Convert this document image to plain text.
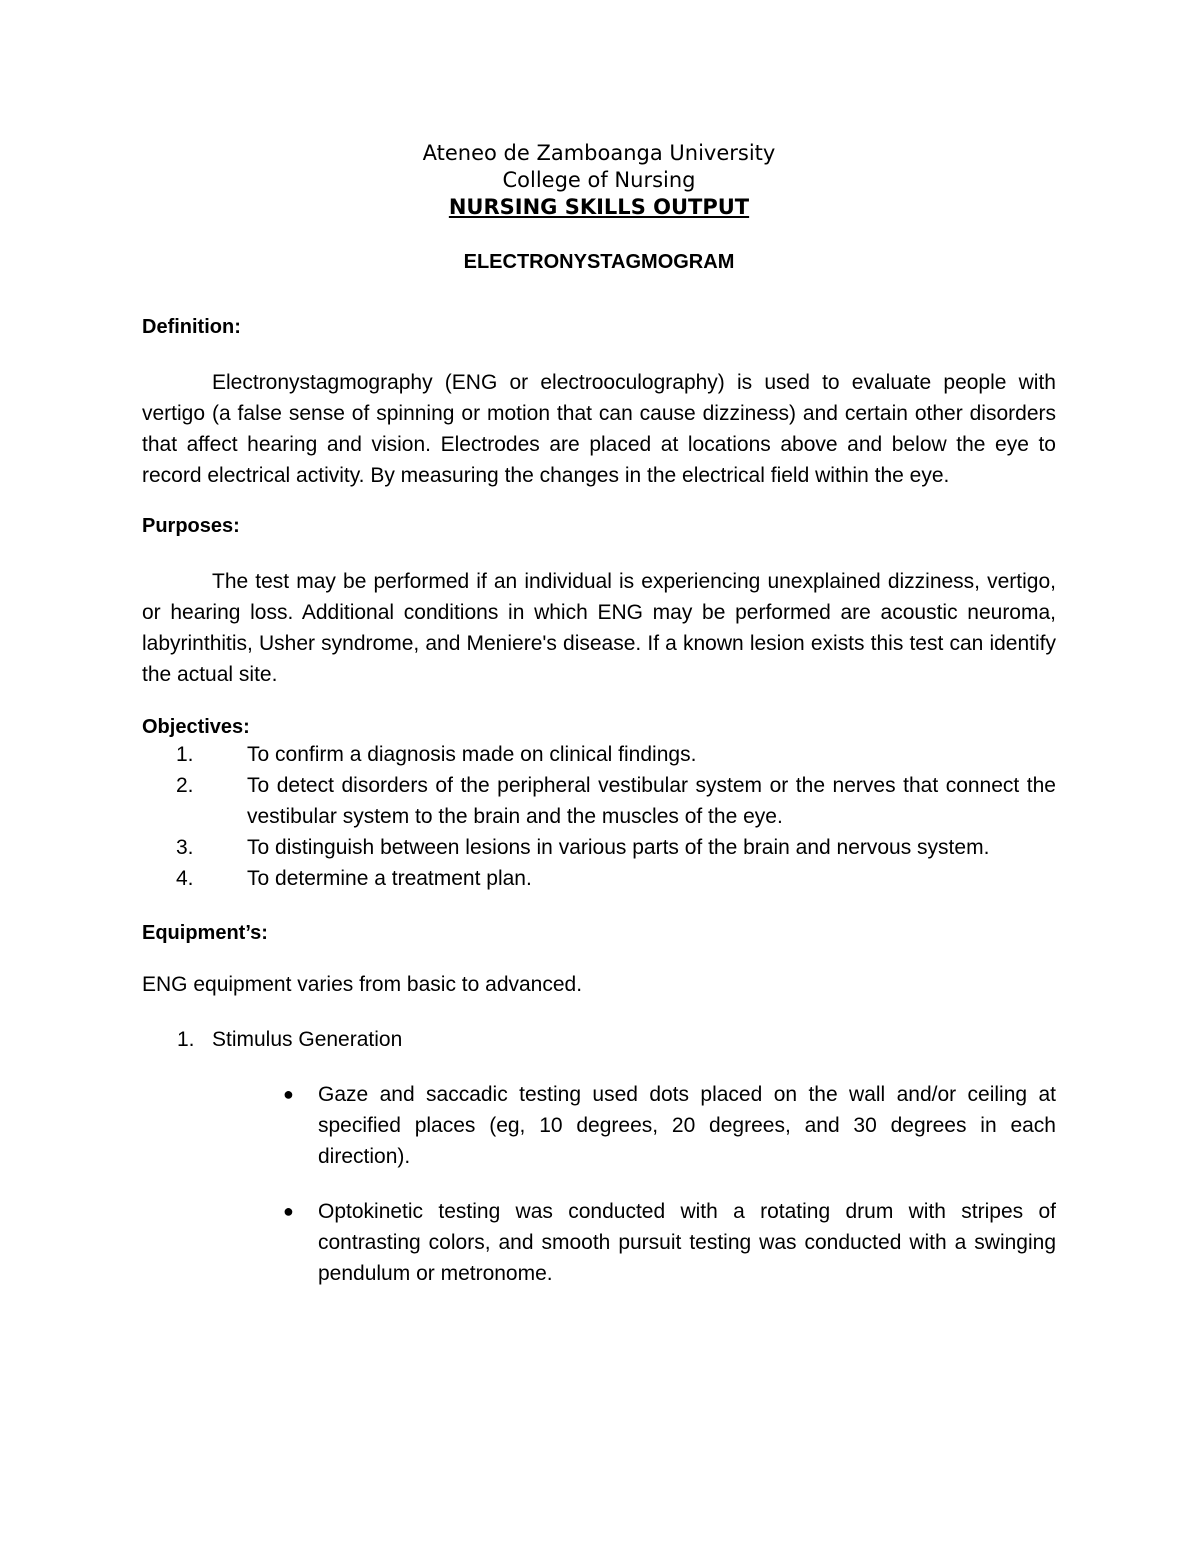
Ateneo de Zamboanga University
College of Nursing
NURSING SKILLS OUTPUT
ELECTRONYSTAGMOGRAM

Definition:

Electronystagmography (ENG or electrooculography) is used to evaluate people with vertigo (a false sense of spinning or motion that can cause dizziness) and certain other disorders that affect hearing and vision. Electrodes are placed at locations above and below the eye to record electrical activity. By measuring the changes in the electrical field within the eye.

Purposes:

The test may be performed if an individual is experiencing unexplained dizziness, vertigo, or hearing loss. Additional conditions in which ENG may be performed are acoustic neuroma, labyrinthitis, Usher syndrome, and Meniere's disease. If a known lesion exists this test can identify the actual site.

Objectives:

1.	To confirm a diagnosis made on clinical findings.
2.	To detect disorders of the peripheral vestibular system or the nerves that connect the vestibular system to the brain and the muscles of the eye.
3.	To distinguish between lesions in various parts of the brain and nervous system.
4.	To determine a treatment plan.

Equipment’s:

ENG equipment varies from basic to advanced.

1. Stimulus Generation
●	Gaze and saccadic testing used dots placed on the wall and/or ceiling at specified places (eg, 10 degrees, 20 degrees, and 30 degrees in each direction).
●	Optokinetic testing was conducted with a rotating drum with stripes of contrasting colors, and smooth pursuit testing was conducted with a swinging pendulum or metronome.
